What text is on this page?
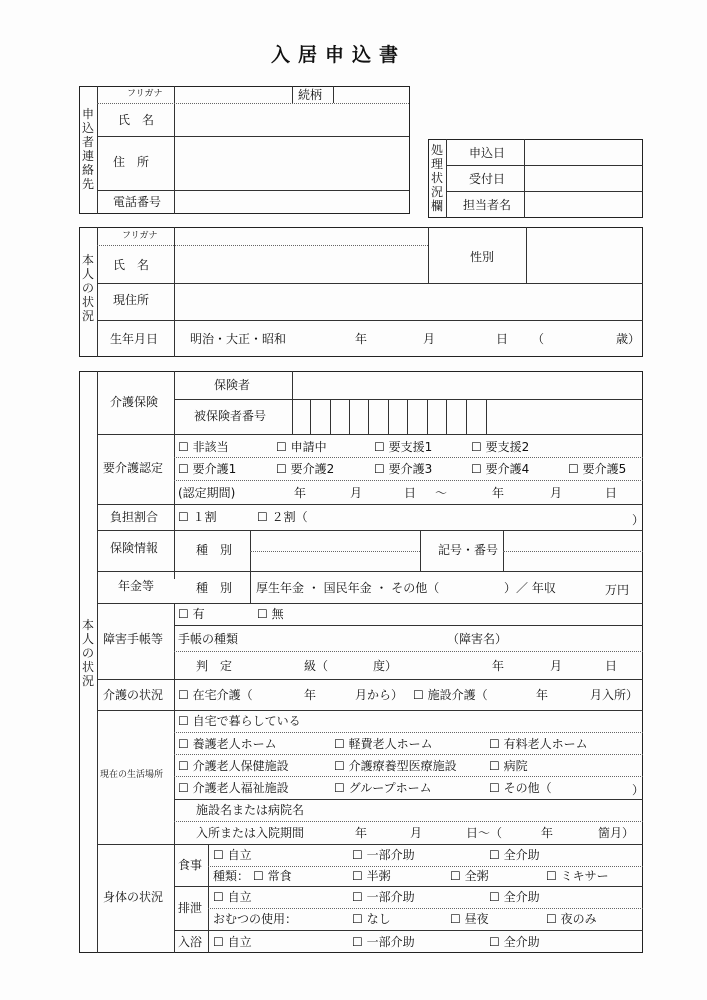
入居申込書
申込者連絡先
フリガナ	続柄
氏　名
住　所
電話番号
処理状況欄
申込日
受付日
担当者名
本人の状況
フリガナ
氏　名
性別
現住所
生年月日	明治・大正・昭和	年	月	日 （	歳）
本人の状況
介護保険
保険者
被保険者番号
要介護認定
☐ 非該当	☐ 申請中	☐ 要支援1	☐ 要支援2
☐ 要介護1	☐ 要介護2	☐ 要介護3	☐ 要介護4	☐ 要介護5
(認定期間)	年	月	日 ～	年	月	日
負担割合 ☐ １割	☐ ２割（	）
保険情報	種　別	記号・番号
年金等	種　別 厚生年金 ・ 国民年金 ・ その他（	）／ 年収	万円
障害手帳等
☐ 有	☐ 無
手帳の種類	（障害名）
判　定	級（	度）	年	月	日
介護の状況 ☐ 在宅介護（	年	月から） ☐ 施設介護（	年	月入所）
現在の生活場所
☐ 自宅で暮らしている
☐ 養護老人ホーム	☐ 軽費老人ホーム	☐ 有料老人ホーム
☐ 介護老人保健施設	☐ 介護療養型医療施設	☐ 病院
☐ 介護老人福祉施設	☐ グループホーム	☐ その他（	）
施設名または病院名
入所または入院期間	年	月	日～（	年	箇月）
身体の状況
食事
☐ 自立	☐ 一部介助	☐ 全介助
種類： ☐ 常食	☐ 半粥	☐ 全粥	☐ ミキサー
排泄
☐ 自立	☐ 一部介助	☐ 全介助
おむつの使用：	☐ なし	☐ 昼夜	☐ 夜のみ
入浴 ☐ 自立	☐ 一部介助	☐ 全介助
